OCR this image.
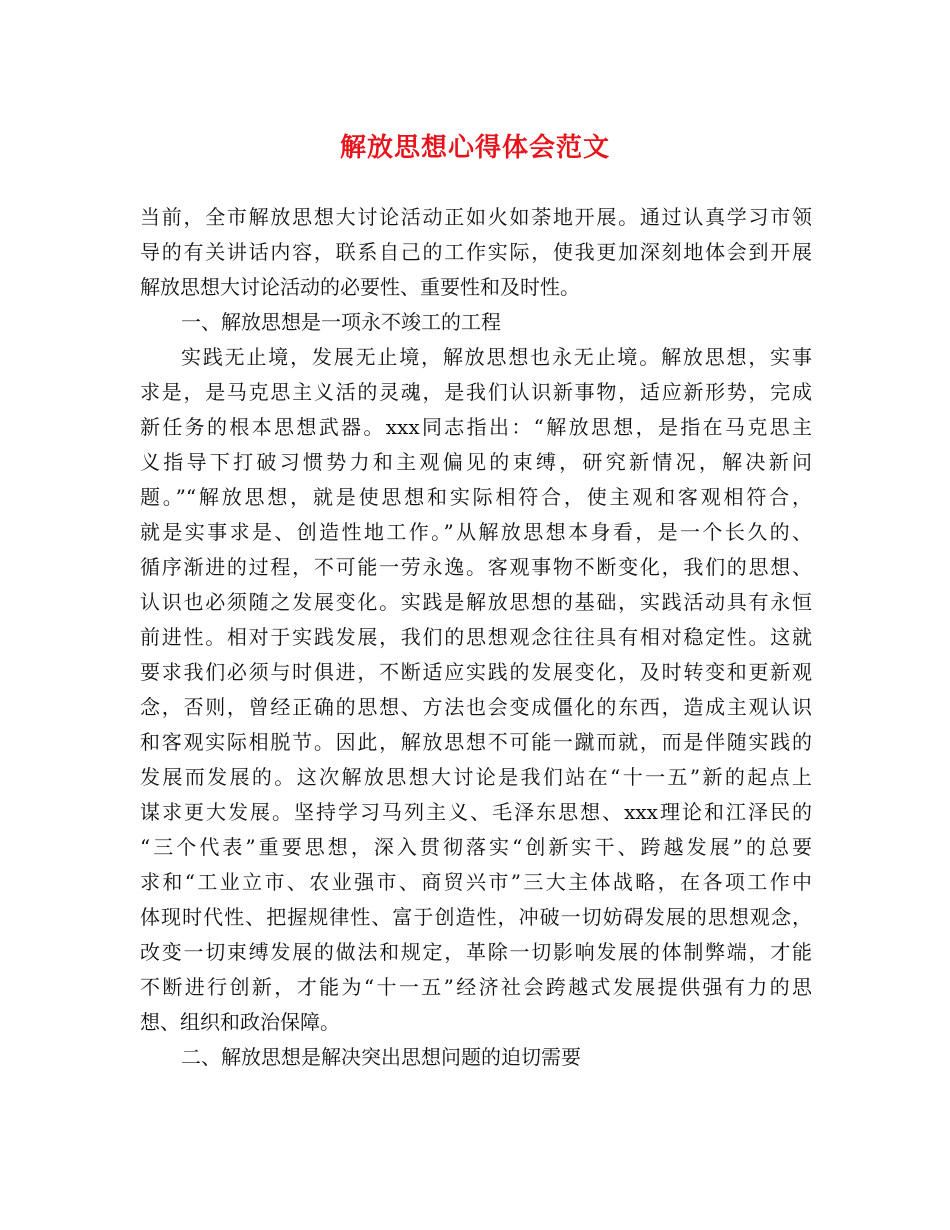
解放思想心得体会范文
当前，全市解放思想大讨论活动正如火如荼地开展。通过认真学习市领
导的有关讲话内容，联系自己的工作实际，使我更加深刻地体会到开展
解放思想大讨论活动的必要性、重要性和及时性。
一、解放思想是一项永不竣工的工程
实践无止境，发展无止境，解放思想也永无止境。解放思想，实事
求是，是马克思主义活的灵魂，是我们认识新事物，适应新形势，完成
新任务的根本思想武器。xxx同志指出：“解放思想，是指在马克思主
义指导下打破习惯势力和主观偏见的束缚，研究新情况，解决新问
题。”“解放思想，就是使思想和实际相符合，使主观和客观相符合，
就是实事求是、创造性地工作。”从解放思想本身看，是一个长久的、
循序渐进的过程，不可能一劳永逸。客观事物不断变化，我们的思想、
认识也必须随之发展变化。实践是解放思想的基础，实践活动具有永恒
前进性。相对于实践发展，我们的思想观念往往具有相对稳定性。这就
要求我们必须与时俱进，不断适应实践的发展变化，及时转变和更新观
念，否则，曾经正确的思想、方法也会变成僵化的东西，造成主观认识
和客观实际相脱节。因此，解放思想不可能一蹴而就，而是伴随实践的
发展而发展的。这次解放思想大讨论是我们站在“十一五”新的起点上
谋求更大发展。坚持学习马列主义、毛泽东思想、xxx理论和江泽民的
“三个代表”重要思想，深入贯彻落实“创新实干、跨越发展”的总要
求和“工业立市、农业强市、商贸兴市”三大主体战略，在各项工作中
体现时代性、把握规律性、富于创造性，冲破一切妨碍发展的思想观念，
改变一切束缚发展的做法和规定，革除一切影响发展的体制弊端，才能
不断进行创新，才能为“十一五”经济社会跨越式发展提供强有力的思
想、组织和政治保障。
二、解放思想是解决突出思想问题的迫切需要
